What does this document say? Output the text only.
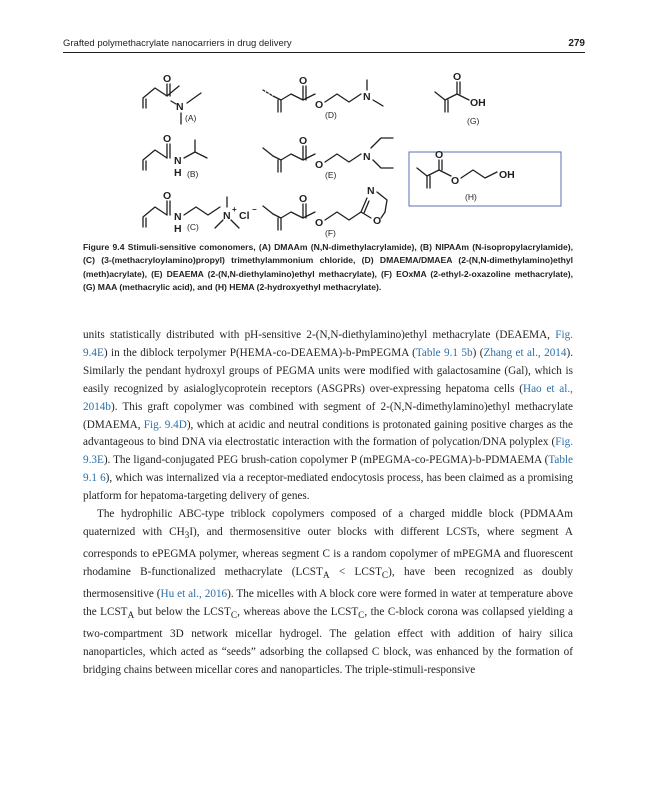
Grafted polymethacrylate nanocarriers in drug delivery	279
O
N
(A)
O
N
H (B)
O
N
H
N
+
Cl
−
(C)
O
O
N
(D)
O
O
N
(E)
O
O
N
O
(F)
O
OH
(G)
O
O	OH
(H)
Figure 9.4 Stimuli-sensitive comonomers, (A) DMAAm (N,N-dimethylacrylamide), (B) NIPAAm (N-isopropylacrylamide), (C) (3-(methacryloylamino)propyl) trimethylammonium chloride, (D) DMAEMA/DMAEA (2-(N,N-dimethylamino)ethyl (meth)acrylate), (E) DEAEMA (2-(N,N-diethylamino)ethyl methacrylate), (F) EOxMA (2-ethyl-2-oxazoline methacrylate), (G) MAA (methacrylic acid), and (H) HEMA (2-hydroxyethyl methacrylate).

units statistically distributed with pH-sensitive 2-(N,N-diethylamino)ethyl methacrylate (DEAEMA, Fig. 9.4E) in the diblock terpolymer P(HEMA-co-DEAEMA)-b-PmPEGMA (Table 9.1 5b) (Zhang et al., 2014). Similarly the pendant hydroxyl groups of PEGMA units were modified with galactosamine (Gal), which is easily recognized by asialoglycoprotein receptors (ASGPRs) over-expressing hepatoma cells (Hao et al., 2014b). This graft copolymer was combined with segment of 2-(N,N-dimethylamino)ethyl methacrylate (DMAEMA, Fig. 9.4D), which at acidic and neutral conditions is protonated gaining positive charges as the advantageous to bind DNA via electrostatic interaction with the formation of polycation/DNA polyplex (Fig. 9.3E). The ligand-conjugated PEG brush-cation copolymer P (mPEGMA-co-PEGMA)-b-PDMAEMA (Table 9.1 6), which was internalized via a receptor-mediated endocytosis process, has been claimed as a promising platform for hepatoma-targeting delivery of genes.

The hydrophilic ABC-type triblock copolymers composed of a charged middle block (PDMAAm quaternized with $CH_3I$), and thermosensitive outer blocks with different LCSTs, where segment A corresponds to ePEGMA polymer, whereas segment C is a random copolymer of mPEGMA and fluorescent rhodamine B-functionalized methacrylate ($LCST_A$ < $LCST_C$), have been recognized as doubly thermosensitive (Hu et al., 2016). The micelles with A block core were formed in water at temperature above the $LCST_A$ but below the $LCST_C$, whereas above the $LCST_C$, the C-block corona was collapsed yielding a two-compartment 3D network micellar hydrogel. The gelation effect with addition of hairy silica nanoparticles, which acted as “seeds” adsorbing the collapsed C block, was enhanced by the formation of bridging chains between micellar cores and nanoparticles. The triple-stimuli-responsive
